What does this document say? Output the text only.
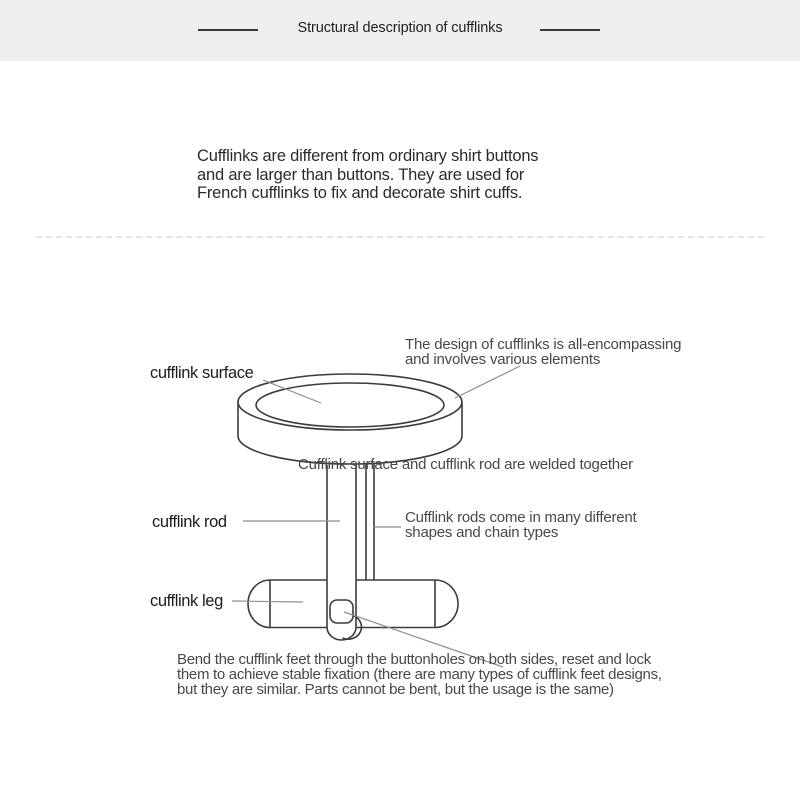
Structural description of cufflinks
Cufflinks are different from ordinary shirt buttons
and are larger than buttons. They are used for
French cufflinks to fix and decorate shirt cuffs.
cufflink surface
cufflink rod
cufflink leg
The design of cufflinks is all-encompassing
and involves various elements
Cufflink surface and cufflink rod are welded together
Cufflink rods come in many different
shapes and chain types
Bend the cufflink feet through the buttonholes on both sides, reset and lock
them to achieve stable fixation (there are many types of cufflink feet designs,
but they are similar. Parts cannot be bent, but the usage is the same)
